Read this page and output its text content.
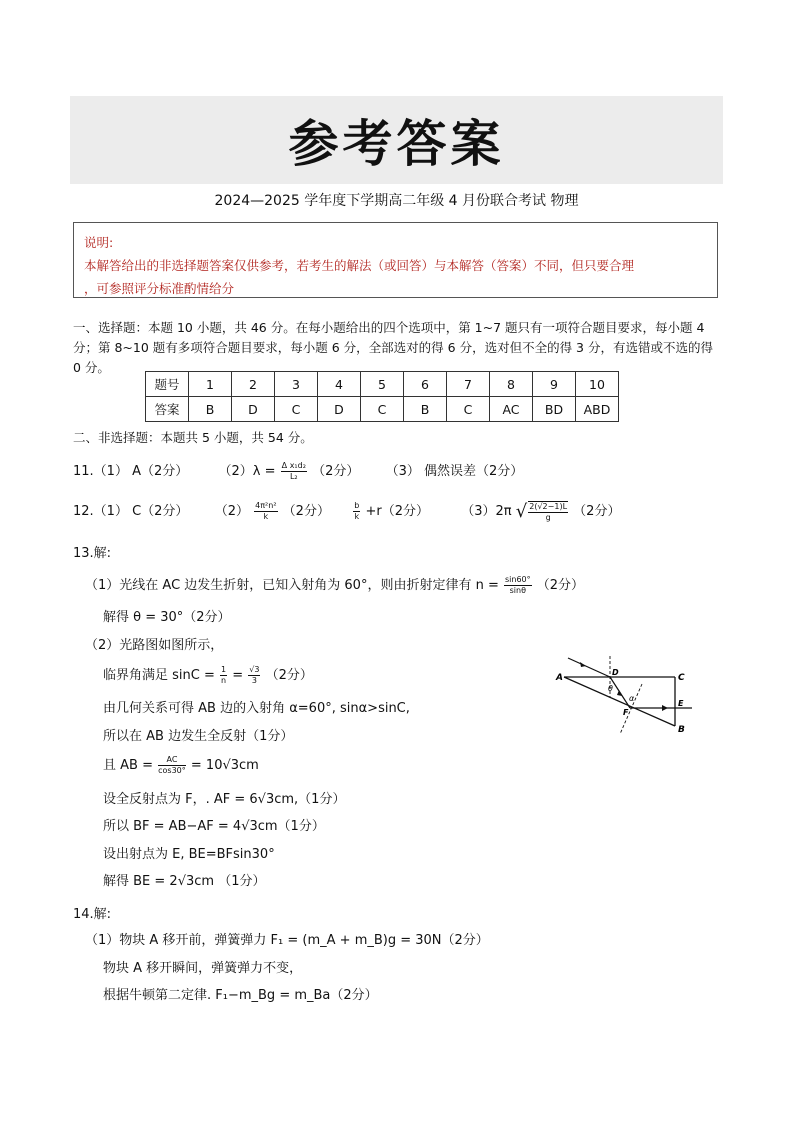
参考答案
2024—2025 学年度下学期高二年级 4 月份联合考试 物理
说明:
本解答给出的非选择题答案仅供参考，若考生的解法（或回答）与本解答（答案）不同，但只要合理
，可参照评分标准酌情给分
一、选择题：本题 10 小题，共 46 分。在每小题给出的四个选项中，第 1~7 题只有一项符合题目要求，每小题 4 分；第 8~10 题有多项符合题目要求，每小题 6 分，全部选对的得 6 分，选对但不全的得 3 分，有选错或不选的得 0 分。
题号	1	2	3	4	5	6	7	8	9	10
答案	B	D	C	D	C	B	C	AC	BD	ABD
二、非选择题：本题共 5 小题，共 54 分。
11.（1） A（2分） $(2)\lambda = \frac{\text{Δ x₁d₂}}{\text{L₂}} (2$分） （3） 偶然误差（2分）
12.（1） C（2分） $(2) \frac{\text{4π²n²}}{k} (2$分）	$\frac{b}{k} +r(2$分） （3）2π √ $\frac{2(√2-1)L}{g} (2$分）
13.解:
（1）光线在 AC 边发生折射，已知入射角为 60°，则由折射定律有 $n = \frac{\sin 60^\circ}{\sin\theta} (2$分）
解得 θ = 30°（2分）
（2）光路图如图所示，
临界角满足 $\sin C = \frac{1}{n} = \frac{√3}{3} (2$分）
由几何关系可得 AB 边的入射角 α=60°, sinα>sinC,
所以在 AB 边发生全反射（1分）
且 AB = $\frac{AC}{\cos 30^\circ} = 10√3cm$
设全反射点为 F，. AF = 6√3cm,（1分）
所以 BF = AB−AF = 4√3cm（1分）
设出射点为 E, BE=BFsin30°
解得 BE = 2√3cm （1分）
14.解:
（1）物块 A 移开前，弹簧弹力 F₁ = (m_A + m_B)g = 30N（2分）
物块 A 移开瞬间，弹簧弹力不变，
根据牛顿第二定律. F₁−m_Bg = m_Ba（2分）
A	C
B
D
E
F
θ
α
